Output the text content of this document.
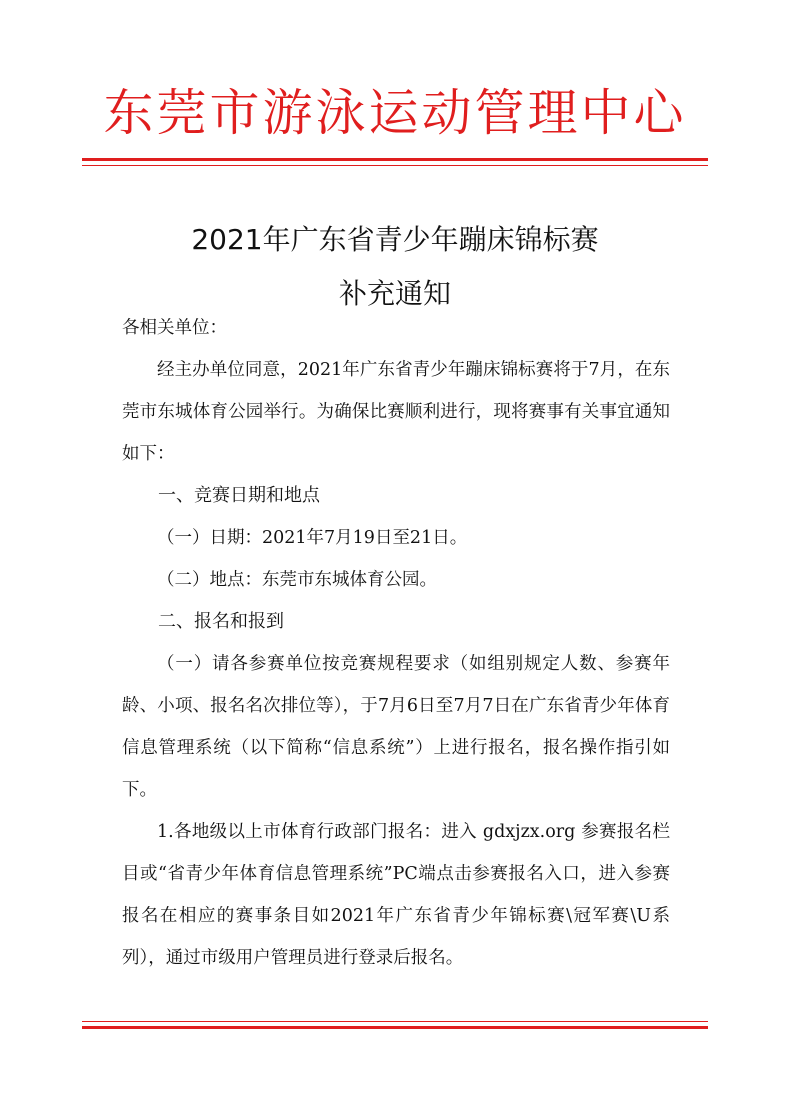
东莞市游泳运动管理中心
2021年广东省青少年蹦床锦标赛
补充通知

各相关单位：

经主办单位同意，2021年广东省青少年蹦床锦标赛将于7月，在东莞市东城体育公园举行。为确保比赛顺利进行，现将赛事有关事宜通知如下：

一、竞赛日期和地点

（一）日期：2021年7月19日至21日。

（二）地点：东莞市东城体育公园。

二、报名和报到

（一）请各参赛单位按竞赛规程要求（如组别规定人数、参赛年龄、小项、报名名次排位等），于7月6日至7月7日在广东省青少年体育信息管理系统（以下简称“信息系统”）上进行报名，报名操作指引如下。

1.各地级以上市体育行政部门报名：进入 gdxjzx.org 参赛报名栏目或“省青少年体育信息管理系统”PC端点击参赛报名入口，进入参赛报名在相应的赛事条目如2021年广东省青少年锦标赛\冠军赛\U系列），通过市级用户管理员进行登录后报名。
